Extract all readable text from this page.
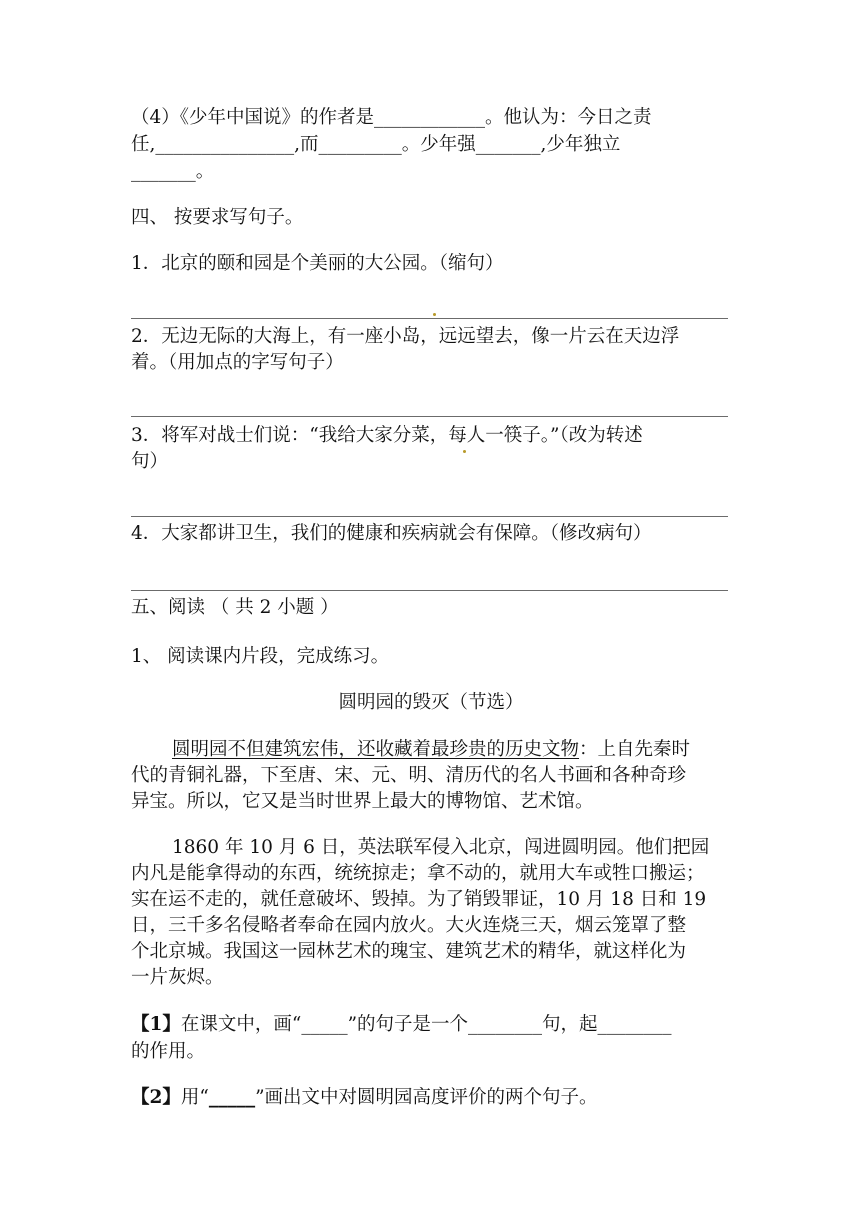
（4）《少年中国说》的作者是____________。他认为：今日之责
任,_______________,而_________。少年强_______,少年独立
_______。
四、 按要求写句子。
1．北京的颐和园是个美丽的大公园。（缩句）
2．无边无际的大海上，有一座小岛，远远望去，像一片云在天边浮
着。（用加点的字写句子）
3．将军对战士们说：“我给大家分菜，每人一筷子。”（改为转述
句）
4．大家都讲卫生，我们的健康和疾病就会有保障。（修改病句）
五、阅读 （ 共 2 小题 ）
1、 阅读课内片段，完成练习。
圆明园的毁灭（节选）
圆明园不但建筑宏伟，还收藏着最珍贵的历史文物：上自先秦时
代的青铜礼器，下至唐、宋、元、明、清历代的名人书画和各种奇珍
异宝。所以，它又是当时世界上最大的博物馆、艺术馆。
1860 年 10 月 6 日，英法联军侵入北京，闯进圆明园。他们把园
内凡是能拿得动的东西，统统掠走；拿不动的，就用大车或牲口搬运；
实在运不走的，就任意破坏、毁掉。为了销毁罪证，10 月 18 日和 19
日，三千多名侵略者奉命在园内放火。大火连烧三天，烟云笼罩了整
个北京城。我国这一园林艺术的瑰宝、建筑艺术的精华，就这样化为
一片灰烬。
【1】在课文中，画“_____”的句子是一个________句，起________
的作用。
【2】用“_____”画出文中对圆明园高度评价的两个句子。
